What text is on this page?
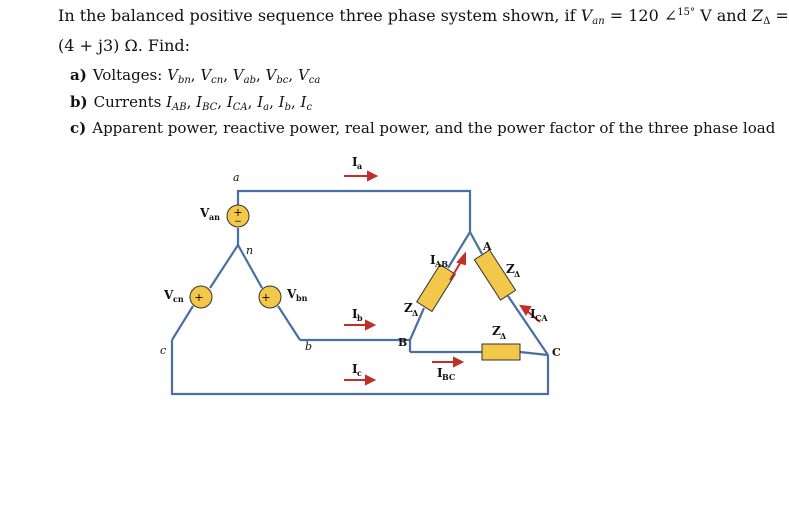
In the balanced positive sequence three phase system shown, if $V_{an} = 120$ ∠$^{15^\circ}$ V and $Z_\Delta$ =
(4 + j3) Ω. Find:
a) Voltages: $V_{bn}$, $V_{cn}$, $V_{ab}$, $V_{bc}$, $V_{ca}$
b) Currents $I_{AB}$, $I_{BC}$, $I_{CA}$, $I_a$, $I_b$, $I_c$
c) Apparent power, reactive power, real power, and the power factor of the three phase load
+
−
+	+
a
n
b
c
A
B
C
V an
V bn
V cn
I a
I b
I c
I AB
I BC
I CA
Z Δ
Z Δ
Z Δ
